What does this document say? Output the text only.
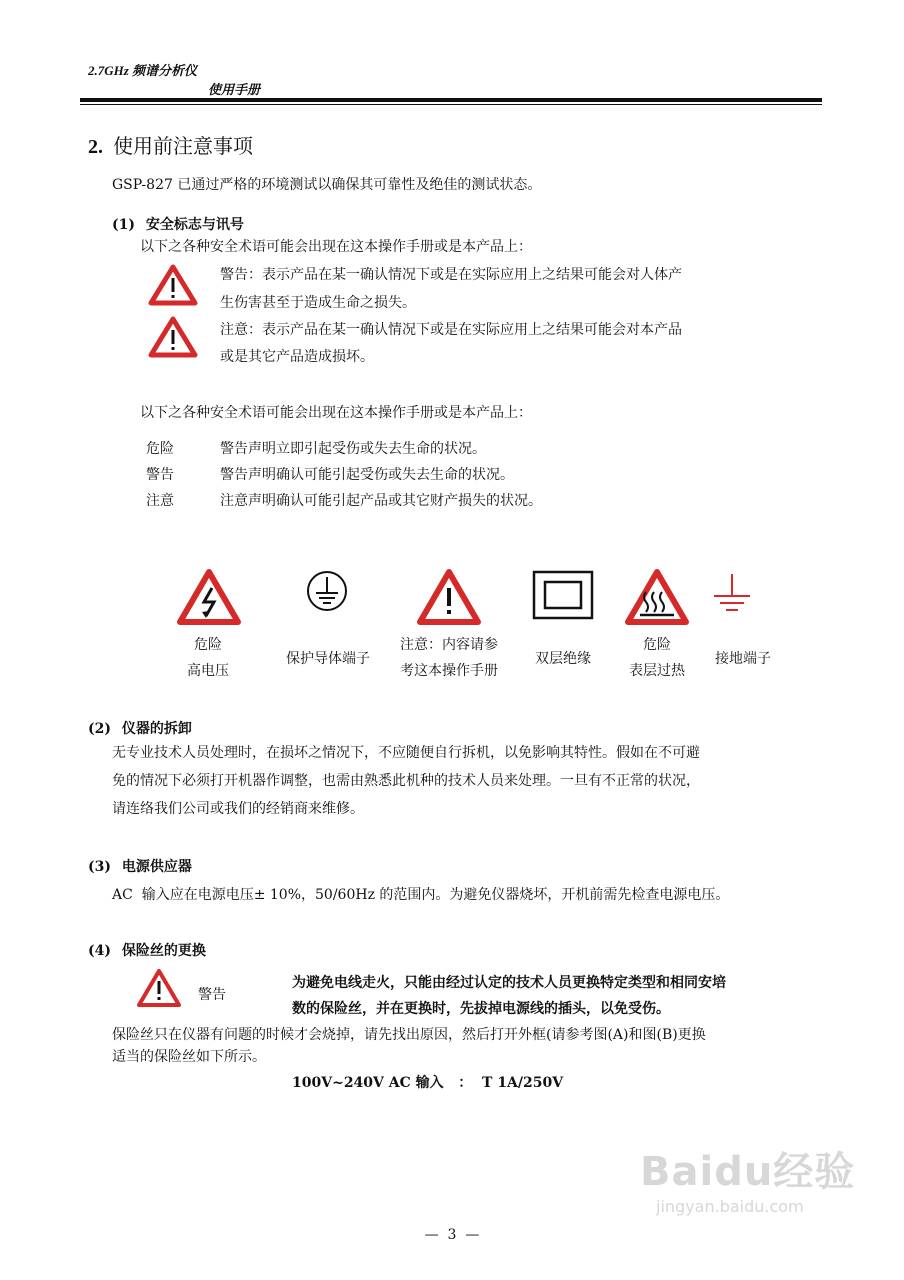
2.7GHz 频谱分析仪
使用手册
2. 使用前注意事项
GSP-827 已通过严格的环境测试以确保其可靠性及绝佳的测试状态。
(1) 安全标志与讯号
以下之各种安全术语可能会出现在这本操作手册或是本产品上：
警告：表示产品在某一确认情况下或是在实际应用上之结果可能会对人体产
生伤害甚至于造成生命之损失。
注意：表示产品在某一确认情况下或是在实际应用上之结果可能会对本产品
或是其它产品造成损坏。
以下之各种安全术语可能会出现在这本操作手册或是本产品上：
危险	警告声明立即引起受伤或失去生命的状况。
警告	警告声明确认可能引起受伤或失去生命的状况。
注意	注意声明确认可能引起产品或其它财产损失的状况。
危险
高电压
保护导体端子
注意：内容请参
考这本操作手册
双层绝缘
危险
表层过热
接地端子
(2) 仪器的拆卸
无专业技术人员处理时，在损坏之情况下，不应随便自行拆机，以免影响其特性。假如在不可避
免的情况下必须打开机器作调整，也需由熟悉此机种的技术人员来处理。一旦有不正常的状况，
请连络我们公司或我们的经销商来维修。
(3) 电源供应器
AC  输入应在电源电压± 10%，50/60Hz 的范围内。为避免仪器烧坏，开机前需先检查电源电压。
(4) 保险丝的更换
警告
为避免电线走火，只能由经过认定的技术人员更换特定类型和相同安培
数的保险丝，并在更换时，先拔掉电源线的插头，以免受伤。
保险丝只在仪器有问题的时候才会烧掉，请先找出原因，然后打开外框(请参考图(A)和图(B)更换
适当的保险丝如下所示。
100V~240V AC 输入   ：  T 1A/250V
Baidu经验
jingyan.baidu.com
—  3  —
